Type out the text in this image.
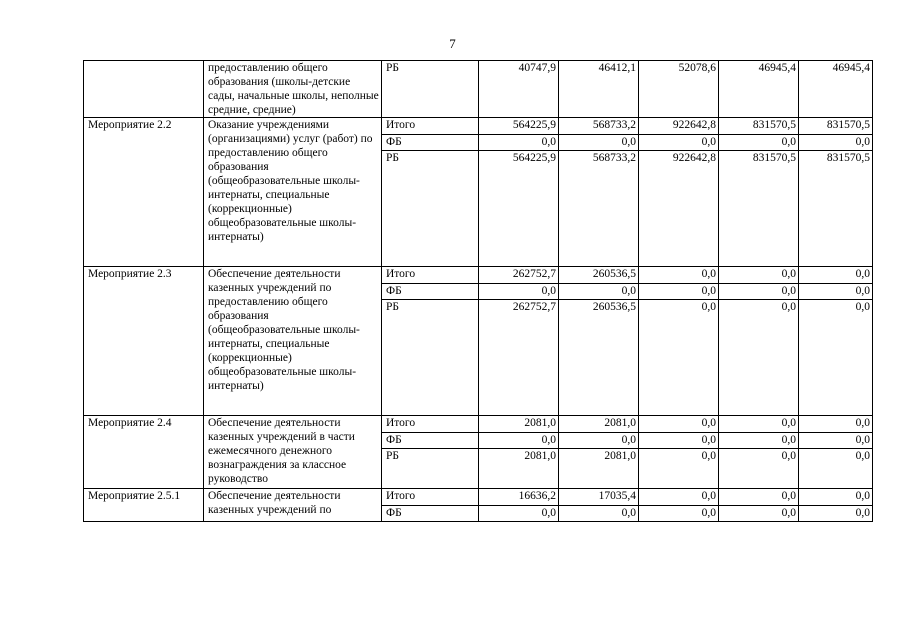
7
	предоставлению общего образования (школы-детские сады, начальные школы, неполные средние, средние)	РБ	40747,9	46412,1	52078,6	46945,4	46945,4
Мероприятие 2.2	Оказание учреждениями (организациями) услуг (работ) по предоставлению общего образования (общеобразовательные школы-интернаты, специальные (коррекционные) общеобразовательные школы-интернаты)	Итого	564225,9	568733,2	922642,8	831570,5	831570,5
		ФБ	0,0	0,0	0,0	0,0	0,0
		РБ	564225,9	568733,2	922642,8	831570,5	831570,5
Мероприятие 2.3	Обеспечение деятельности казенных учреждений по предоставлению общего образования (общеобразовательные школы-интернаты, специальные (коррекционные) общеобразовательные школы-интернаты)	Итого	262752,7	260536,5	0,0	0,0	0,0
		ФБ	0,0	0,0	0,0	0,0	0,0
		РБ	262752,7	260536,5	0,0	0,0	0,0
Мероприятие 2.4	Обеспечение деятельности казенных учреждений в части ежемесячного денежного вознаграждения за классное руководство	Итого	2081,0	2081,0	0,0	0,0	0,0
		ФБ	0,0	0,0	0,0	0,0	0,0
		РБ	2081,0	2081,0	0,0	0,0	0,0
Мероприятие 2.5.1	Обеспечение деятельности казенных учреждений по	Итого	16636,2	17035,4	0,0	0,0	0,0
		ФБ	0,0	0,0	0,0	0,0	0,0
